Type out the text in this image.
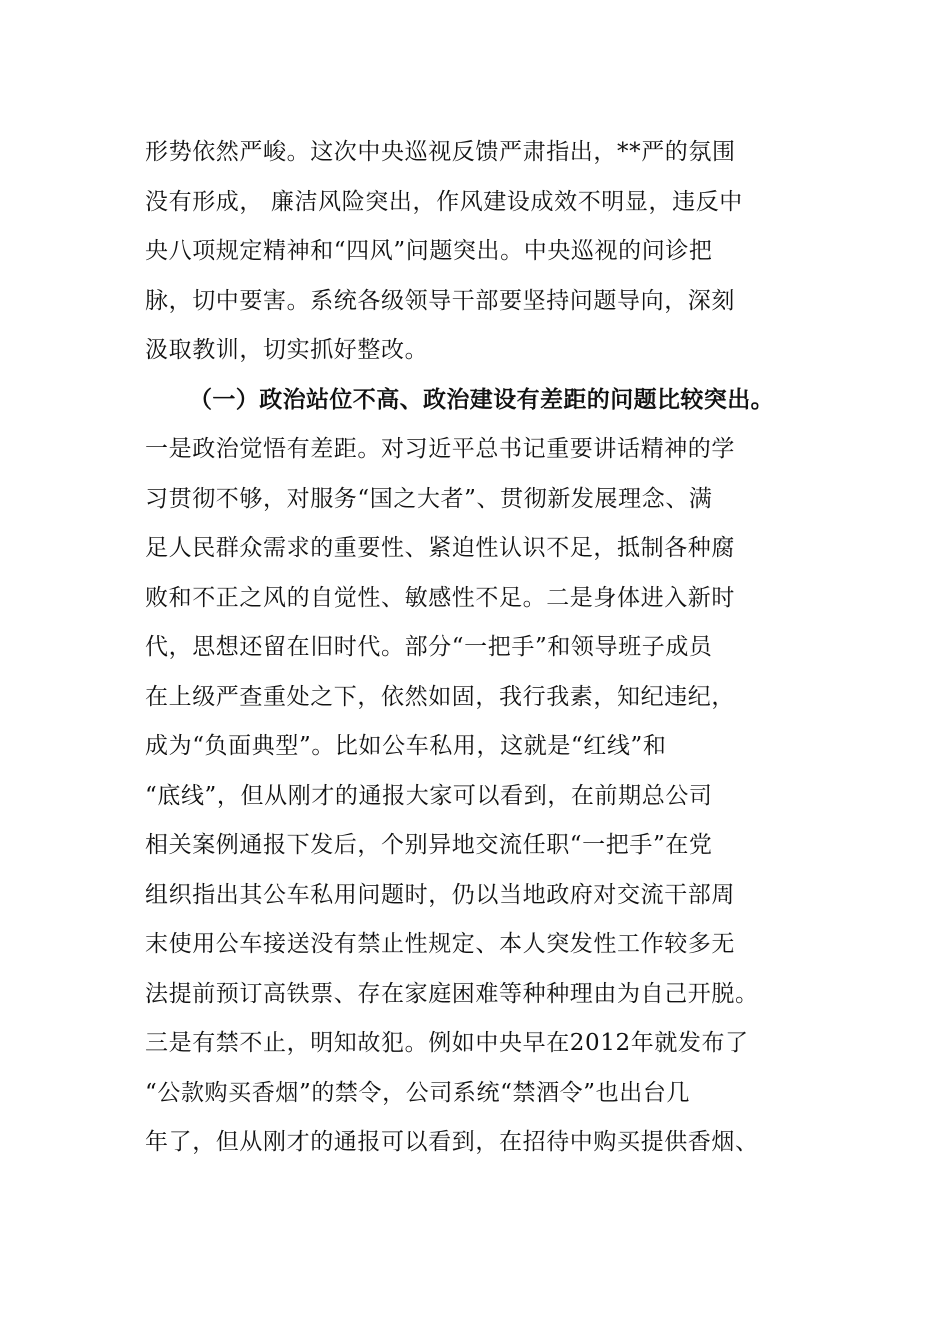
形势依然严峻。这次中央巡视反馈严肃指出，**严的氛围
没有形成， 廉洁风险突出，作风建设成效不明显，违反中
央八项规定精神和“四风”问题突出。中央巡视的问诊把
脉，切中要害。系统各级领导干部要坚持问题导向，深刻
汲取教训，切实抓好整改。
（一）政治站位不高、政治建设有差距的问题比较突出。
一是政治觉悟有差距。对习近平总书记重要讲话精神的学
习贯彻不够，对服务“国之大者”、贯彻新发展理念、满
足人民群众需求的重要性、紧迫性认识不足，抵制各种腐
败和不正之风的自觉性、敏感性不足。二是身体进入新时
代，思想还留在旧时代。部分“一把手”和领导班子成员
在上级严查重处之下，依然如固，我行我素，知纪违纪，
成为“负面典型”。比如公车私用，这就是“红线”和
“底线”，但从刚才的通报大家可以看到，在前期总公司
相关案例通报下发后，个别异地交流任职“一把手”在党
组织指出其公车私用问题时，仍以当地政府对交流干部周
末使用公车接送没有禁止性规定、本人突发性工作较多无
法提前预订高铁票、存在家庭困难等种种理由为自己开脱。
三是有禁不止，明知故犯。例如中央早在2012年就发布了
“公款购买香烟”的禁令，公司系统“禁酒令”也出台几
年了，但从刚才的通报可以看到，在招待中购买提供香烟、
